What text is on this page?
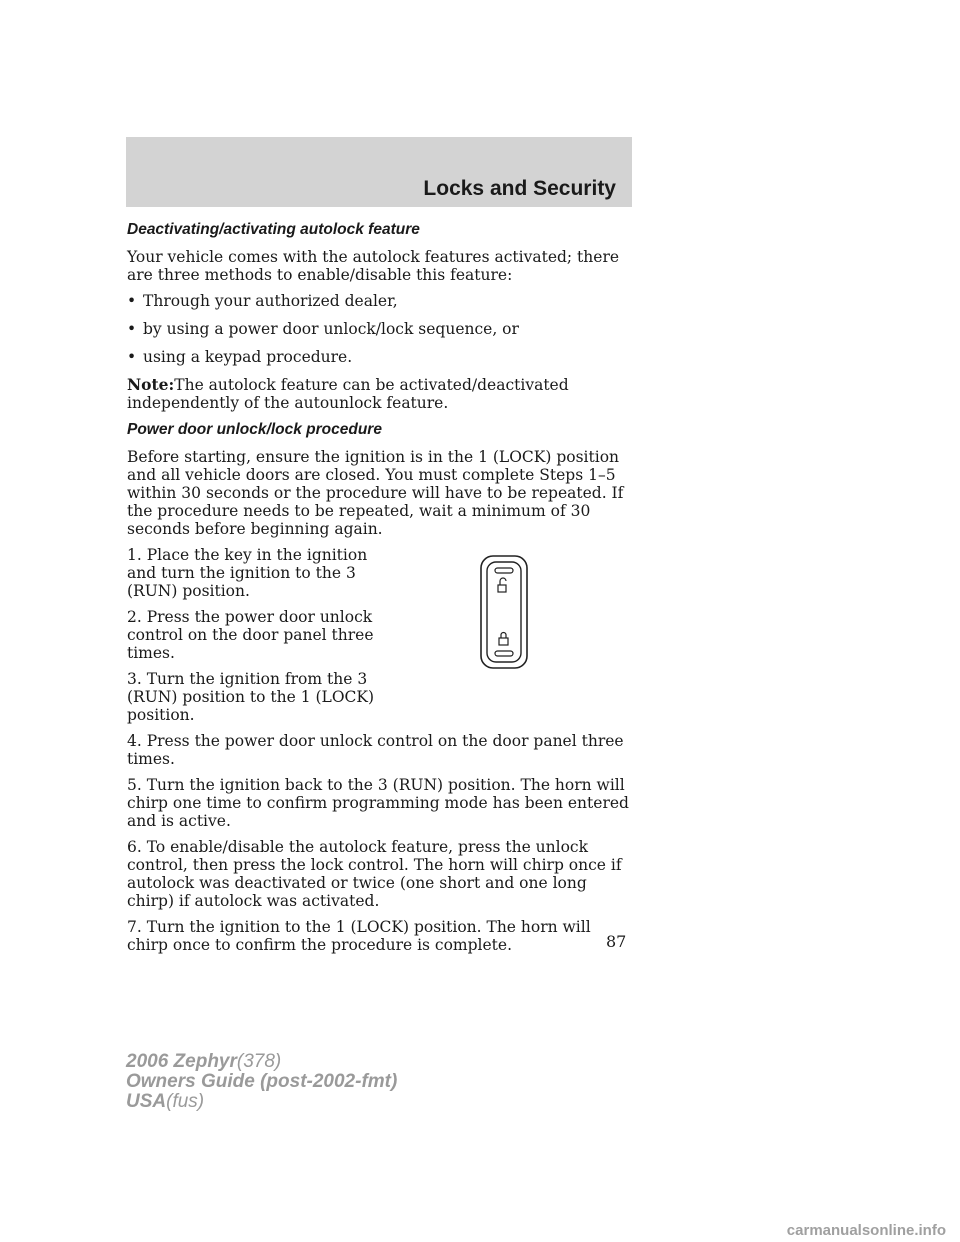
Locks and Security
Deactivating/activating autolock feature

Your vehicle comes with the autolock features activated; there are three methods to enable/disable this feature:

• Through your authorized dealer,
• by using a power door unlock/lock sequence, or
• using a keypad procedure.

Note:The autolock feature can be activated/deactivated independently of the autounlock feature.

Power door unlock/lock procedure

Before starting, ensure the ignition is in the 1 (LOCK) position and all vehicle doors are closed. You must complete Steps 1–5 within 30 seconds or the procedure will have to be repeated. If the procedure needs to be repeated, wait a minimum of 30 seconds before beginning again.

1. Place the key in the ignition and turn the ignition to the 3 (RUN) position.

2. Press the power door unlock control on the door panel three times.

3. Turn the ignition from the 3 (RUN) position to the 1 (LOCK) position.

4. Press the power door unlock control on the door panel three times.

5. Turn the ignition back to the 3 (RUN) position. The horn will chirp one time to confirm programming mode has been entered and is active.

6. To enable/disable the autolock feature, press the unlock control, then press the lock control. The horn will chirp once if autolock was deactivated or twice (one short and one long chirp) if autolock was activated.

7. Turn the ignition to the 1 (LOCK) position. The horn will chirp once to confirm the procedure is complete.	87
2006 Zephyr(378)
Owners Guide (post-2002-fmt)
USA(fus)
carmanualsonline.info
